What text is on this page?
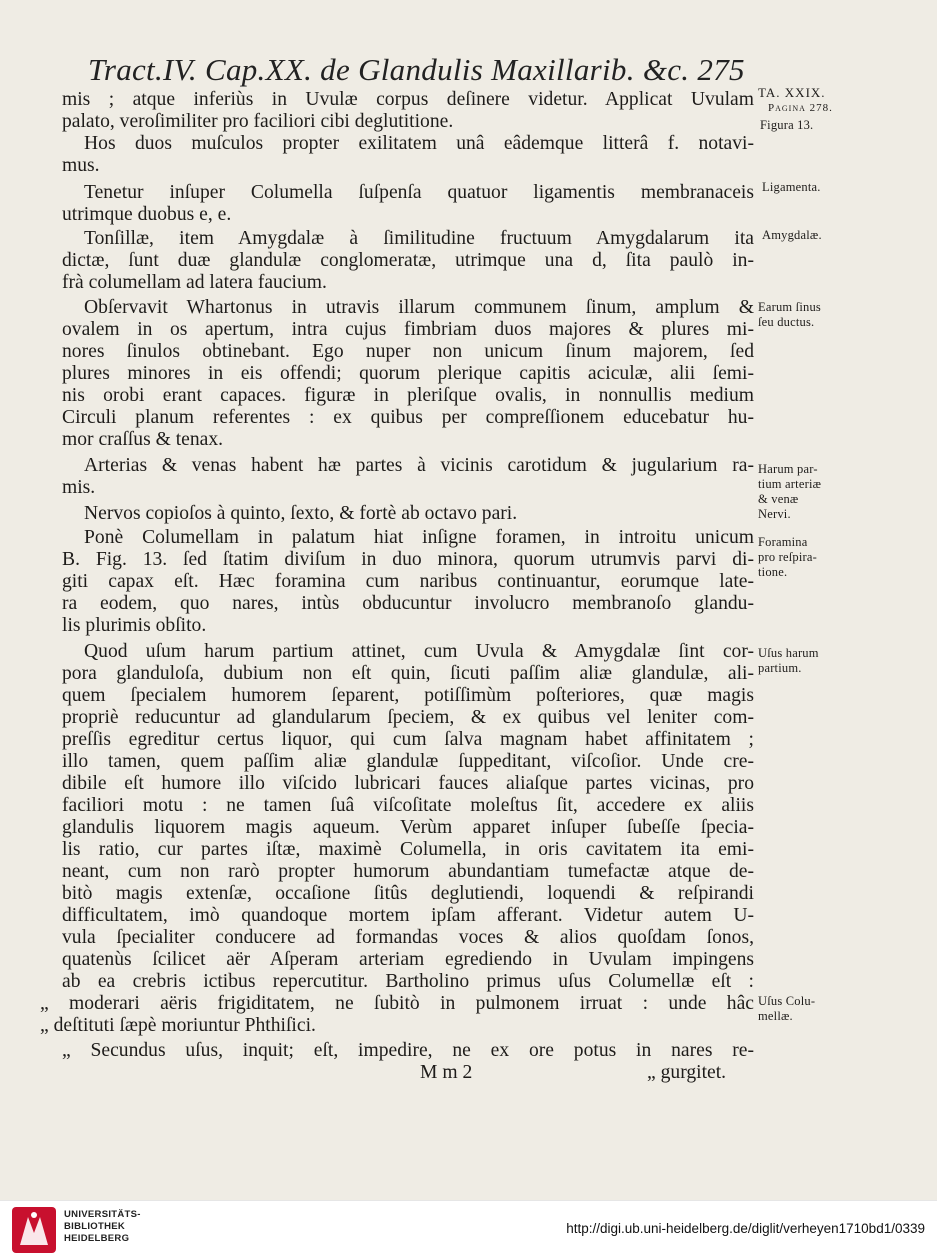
Tract.IV. Cap.XX. de Glandulis Maxillarib. &c. 275
mis ; atque inferiùs in Uvulæ corpus deſinere videtur. Applicat Uvulam
palato, veroſimiliter pro faciliori cibi deglutitione.
Hos duos muſculos propter exilitatem unâ eâdemque litterâ f. notavi-
mus.
Tenetur inſuper Columella ſuſpenſa quatuor ligamentis membranaceis
utrimque duobus e, e.
Tonſillæ, item Amygdalæ à ſimilitudine fructuum Amygdalarum ita
dictæ, ſunt duæ glandulæ conglomeratæ, utrimque una d, ſita paulò in-
frà columellam ad latera faucium.
Obſervavit Whartonus in utravis illarum communem ſinum, amplum &
ovalem in os apertum, intra cujus fimbriam duos majores & plures mi-
nores ſinulos obtinebant. Ego nuper non unicum ſinum majorem, ſed
plures minores in eis offendi; quorum plerique capitis aciculæ, alii ſemi-
nis orobi erant capaces. figuræ in pleriſque ovalis, in nonnullis medium
Circuli planum referentes : ex quibus per compreſſionem educebatur hu-
mor craſſus & tenax.
Arterias & venas habent hæ partes à vicinis carotidum & jugularium ra-
mis.
Nervos copioſos à quinto, ſexto, & fortè ab octavo pari.
Ponè Columellam in palatum hiat inſigne foramen, in introitu unicum
B. Fig. 13. ſed ſtatim diviſum in duo minora, quorum utrumvis parvi di-
giti capax eſt. Hæc foramina cum naribus continuantur, eorumque late-
ra eodem, quo nares, intùs obducuntur involucro membranoſo glandu-
lis plurimis obſito.
Quod uſum harum partium attinet, cum Uvula & Amygdalæ ſint cor-
pora glanduloſa, dubium non eſt quin, ſicuti paſſim aliæ glandulæ, ali-
quem ſpecialem humorem ſeparent, potiſſimùm poſteriores, quæ magis
propriè reducuntur ad glandularum ſpeciem, & ex quibus vel leniter com-
preſſis egreditur certus liquor, qui cum ſalva magnam habet affinitatem ;
illo tamen, quem paſſim aliæ glandulæ ſuppeditant, viſcoſior. Unde cre-
dibile eſt humore illo viſcido lubricari fauces aliaſque partes vicinas, pro
faciliori motu : ne tamen ſuâ viſcoſitate moleſtus ſit, accedere ex aliis
glandulis liquorem magis aqueum. Verùm apparet inſuper ſubeſſe ſpecia-
lis ratio, cur partes iſtæ, maximè Columella, in oris cavitatem ita emi-
neant, cum non rarò propter humorum abundantiam tumefactæ atque de-
bitò magis extenſæ, occaſione ſitûs deglutiendi, loquendi & reſpirandi
difficultatem, imò quandoque mortem ipſam afferant. Videtur autem U-
vula ſpecialiter conducere ad formandas voces & alios quoſdam ſonos,
quatenùs ſcilicet aër Aſperam arteriam egrediendo in Uvulam impingens
ab ea crebris ictibus repercutitur. Bartholino primus uſus Columellæ eſt :
„ moderari aëris frigiditatem, ne ſubitò in pulmonem irruat : unde hâc
„ deſtituti ſæpè moriuntur Phthiſici.
„ Secundus uſus, inquit; eſt, impedire, ne ex ore potus in nares re-
M m 2	„ gurgitet.
TA. XXIX.
Pagina 278.
Figura 13.
Ligamenta.
Amygdalæ.
Earum ſinus
ſeu ductus.
Harum par-
tium arteriæ
& venæ
Nervi.
Foramina
pro reſpira-
tione.
Uſus harum
partium.
Uſus Colu-
mellæ.
UNIVERSITÄTS-
BIBLIOTHEK
HEIDELBERG
http://digi.ub.uni-heidelberg.de/diglit/verheyen1710bd1/0339
